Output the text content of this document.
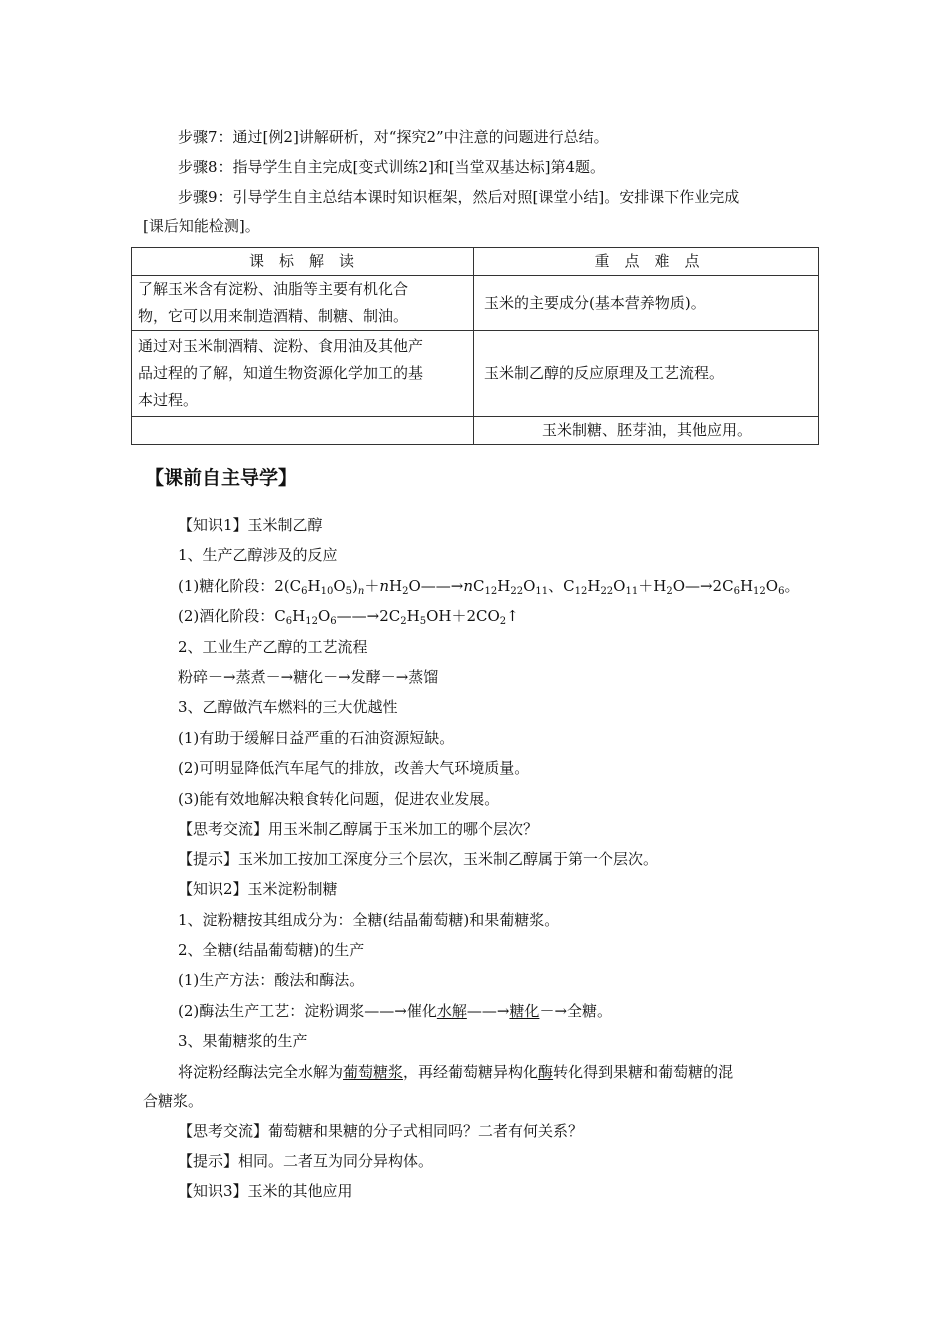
步骤7：通过[例2]讲解研析，对“探究2”中注意的问题进行总结。
步骤8：指导学生自主完成[变式训练2]和[当堂双基达标]第4题。
步骤9：引导学生自主总结本课时知识框架，然后对照[课堂小结]。安排课下作业完成
[课后知能检测]。
课　标　解　读	重　点　难　点

了解玉米含有淀粉、油脂等主要有机化合
物，它可以用来制造酒精、制糖、制油。	玉米的主要成分(基本营养物质)。

通过对玉米制酒精、淀粉、食用油及其他产
品过程的了解，知道生物资源化学加工的基
本过程。	玉米制乙醇的反应原理及工艺流程。
	玉米制糖、胚芽油，其他应用。
【课前自主导学】
【知识1】玉米制乙醇
1、生产乙醇涉及的反应
(1)糖化阶段：$2(C_6H_{10}O_5)_n+nH_2O——\to nC_{12}H_{22}O_{11}$、$C_{12}H_{22}O_{11}+H_2O—\to 2C_6H_{12}O_6$。
(2)酒化阶段：$C_6H_{12}O_6——\to 2C_2H_5OH+2CO_2↑$
2、工业生产乙醇的工艺流程
粉碎－→蒸煮－→糖化－→发酵－→蒸馏
3、乙醇做汽车燃料的三大优越性
(1)有助于缓解日益严重的石油资源短缺。
(2)可明显降低汽车尾气的排放，改善大气环境质量。
(3)能有效地解决粮食转化问题，促进农业发展。
【思考交流】用玉米制乙醇属于玉米加工的哪个层次？
【提示】玉米加工按加工深度分三个层次，玉米制乙醇属于第一个层次。
【知识2】玉米淀粉制糖
1、淀粉糖按其组成分为：全糖(结晶葡萄糖)和果葡糖浆。
2、全糖(结晶葡萄糖)的生产
(1)生产方法：酸法和酶法。
(2)酶法生产工艺：淀粉调浆——→催化水解——→糖化－→全糖。
3、果葡糖浆的生产
将淀粉经酶法完全水解为葡萄糖浆，再经葡萄糖异构化酶转化得到果糖和葡萄糖的混
合糖浆。
【思考交流】葡萄糖和果糖的分子式相同吗？二者有何关系？
【提示】相同。二者互为同分异构体。
【知识3】玉米的其他应用
